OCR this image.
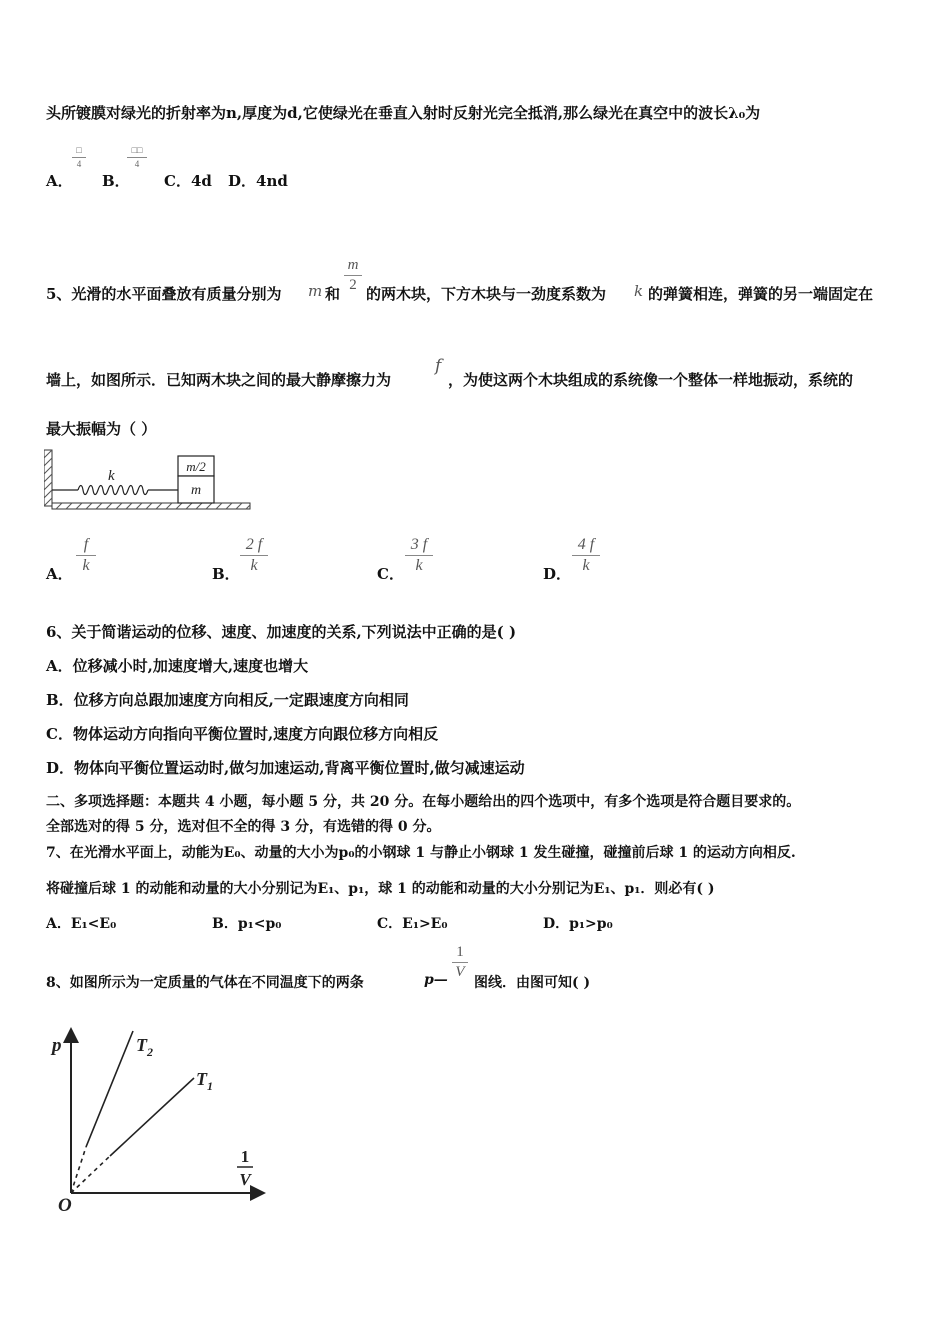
头所镀膜对绿光的折射率为n,厚度为d,它使绿光在垂直入射时反射光完全抵消,那么绿光在真空中的波长λ₀为
A．
□
4
B．
□□
4
C．4d D．4nd
5、光滑的水平面叠放有质量分别为 m 和
m
2 的两木块，下方木块与一劲度系数为 k 的弹簧相连，弹簧的另一端固定在
墙上，如图所示．已知两木块之间的最大静摩擦力为
f
，为使这两个木块组成的系统像一个整体一样地振动，系统的
最大振幅为（ ）
k
m/2
m
A．
f
k	B．
2 f
k	C．
3 f
k	D．
4 f
k
6、关于简谐运动的位移、速度、加速度的关系,下列说法中正确的是( )
A．位移减小时,加速度增大,速度也增大
B．位移方向总跟加速度方向相反,一定跟速度方向相同
C．物体运动方向指向平衡位置时,速度方向跟位移方向相反
D．物体向平衡位置运动时,做匀加速运动,背离平衡位置时,做匀减速运动
二、多项选择题：本题共 4 小题，每小题 5 分，共 20 分。在每小题给出的四个选项中，有多个选项是符合题目要求的。
全部选对的得 5 分，选对但不全的得 3 分，有选错的得 0 分。
7、在光滑水平面上，动能为E₀、动量的大小为p₀的小钢球 1 与静止小钢球 1 发生碰撞，碰撞前后球 1 的运动方向相反.
将碰撞后球 1 的动能和动量的大小分别记为E₁、p₁，球 1 的动能和动量的大小分别记为E₁、p₁．则必有( )
A．E₁<E₀	B．p₁<p₀	C．E₁>E₀	D．p₁>p₀
8、如图所示为一定质量的气体在不同温度下的两条	p—
1
V
图线．由图可知( )
p
O
$T_2$
$T_1$
1
V
